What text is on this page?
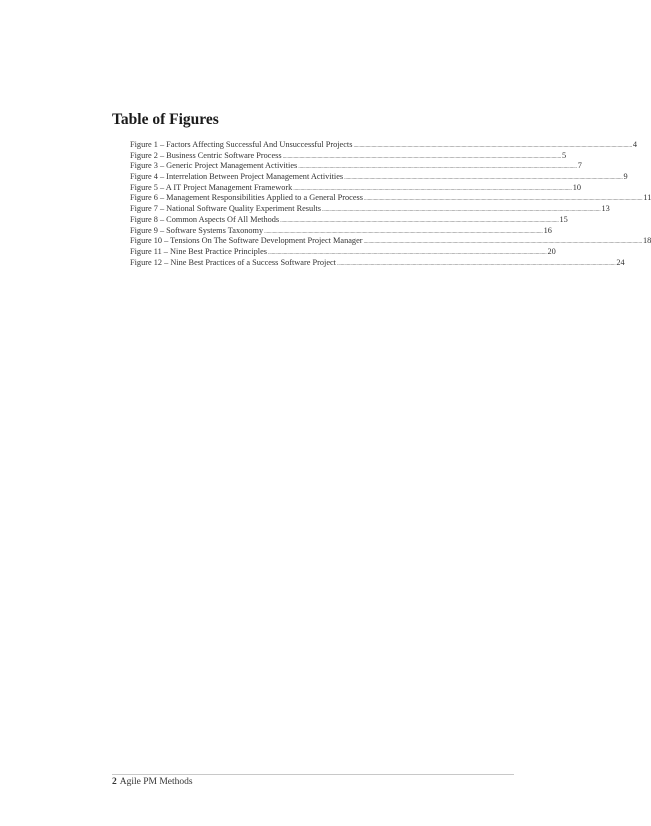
Table of Figures
Figure 1 – Factors Affecting Successful And Unsuccessful Projects .....	4
Figure 2 – Business Centric Software Process .....	5
Figure 3 – Generic Project Management Activities .....	7
Figure 4 – Interrelation Between Project Management Activities .....	9
Figure 5 – A IT Project Management Framework .....	10
Figure 6 – Management Responsibilities Applied to a General Process .....	11
Figure 7 – National Software Quality Experiment Results .....	13
Figure 8 – Common Aspects Of All Methods .....	15
Figure 9 – Software Systems Taxonomy .....	16
Figure 10 – Tensions On The Software Development Project Manager .....	18
Figure 11 – Nine Best Practice Principles .....	20
Figure 12 – Nine Best Practices of a Success Software Project .....	24
2 Agile PM Methods
